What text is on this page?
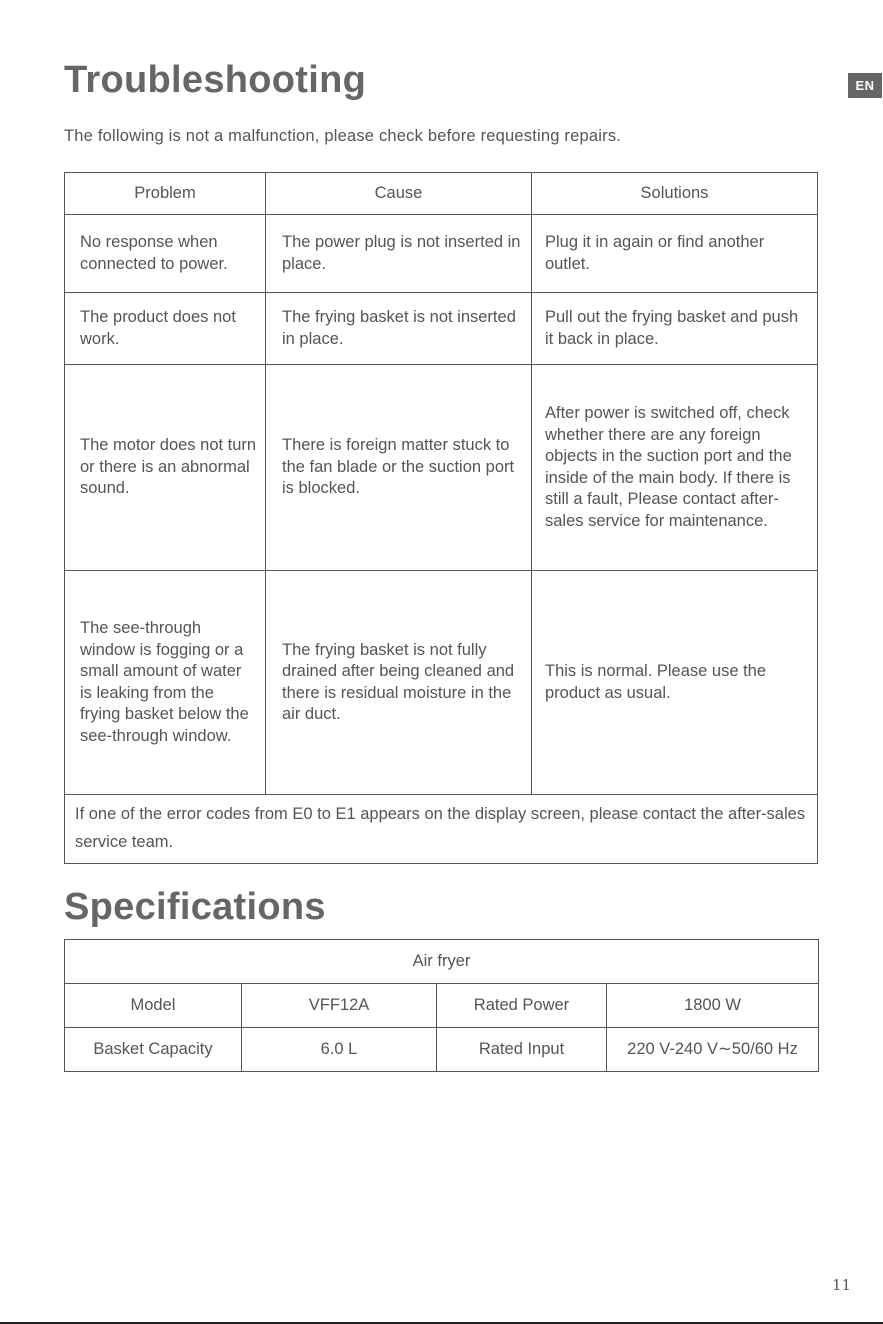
EN
Troubleshooting
The following is not a malfunction, please check before requesting repairs.
Problem	Cause	Solutions
No response when connected to power.	The power plug is not inserted in place.	Plug it in again or find another outlet.
The product does not work.	The frying basket is not inserted in place.	Pull out the frying basket and push it back in place.
The motor does not turn or there is an abnormal sound.	There is foreign matter stuck to the fan blade or the suction port is blocked.	After power is switched off, check whether there are any foreign objects in the suction port and the inside of the main body. If there is still a fault, Please contact after-sales service for maintenance.
The see-through window is fogging or a small amount of water is leaking from the frying basket below the see-through window.	The frying basket is not fully drained after being cleaned and there is residual moisture in the air duct.	This is normal. Please use the product as usual.
If one of the error codes from E0 to E1 appears on the display screen, please contact the after-sales service team.		
Specifications
Air fryer			
Model	VFF12A	Rated Power	1800 W
Basket Capacity	6.0 L	Rated Input	220 V-240 V∼50/60 Hz
11
